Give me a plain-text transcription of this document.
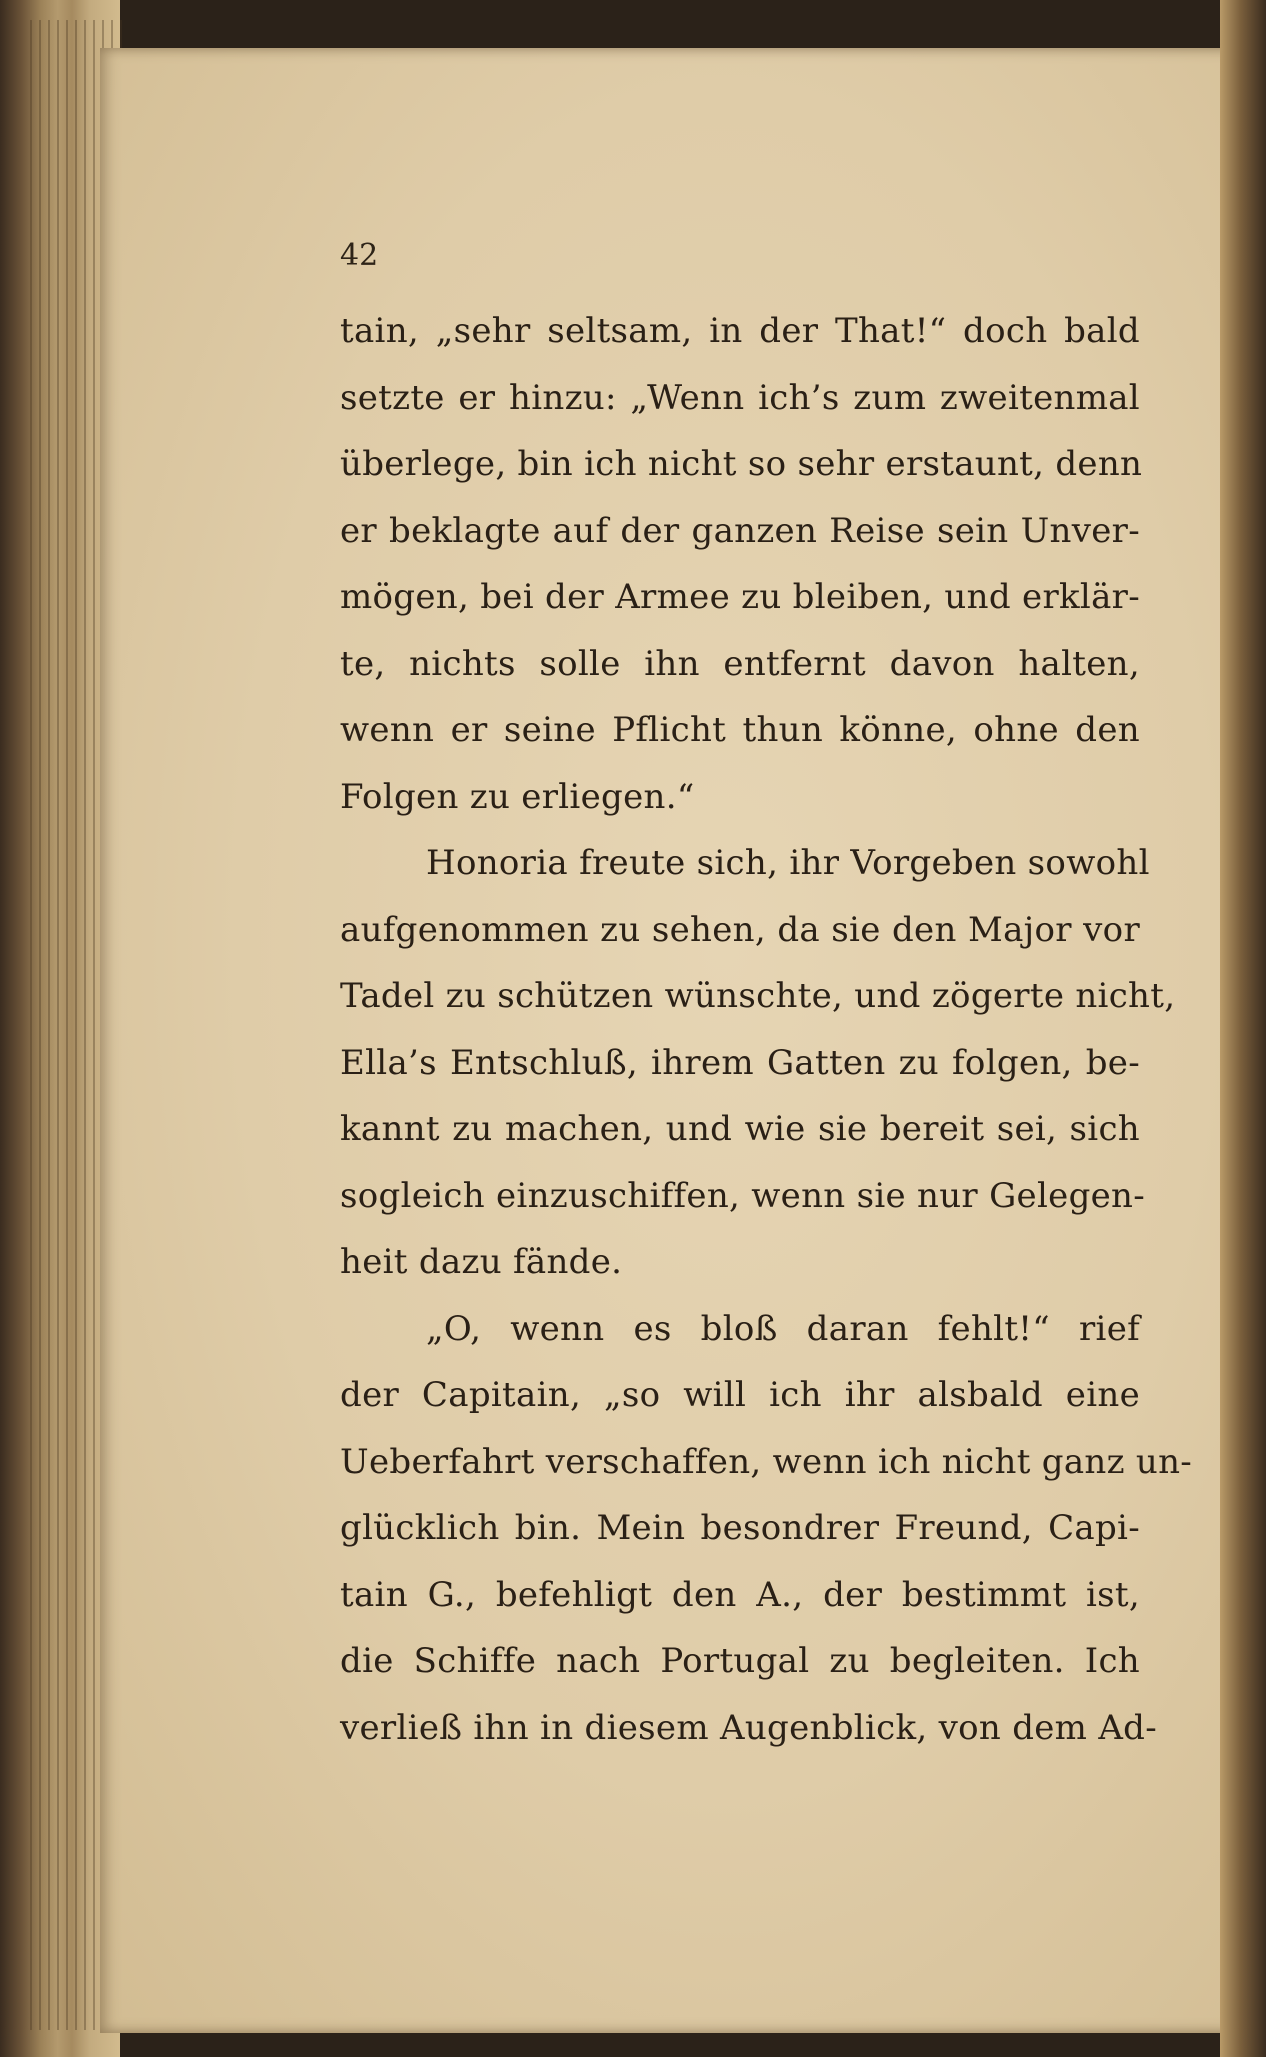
42
tain, „sehr seltsam, in der That!“ doch bald
setzte er hinzu: „Wenn ich’s zum zweitenmal
überlege, bin ich nicht so sehr erstaunt, denn
er beklagte auf der ganzen Reise sein Unver-
mögen, bei der Armee zu bleiben, und erklär-
te, nichts solle ihn entfernt davon halten,
wenn er seine Pflicht thun könne, ohne den
Folgen zu erliegen.“
Honoria freute sich, ihr Vorgeben sowohl
aufgenommen zu sehen, da sie den Major vor
Tadel zu schützen wünschte, und zögerte nicht,
Ella’s Entschluß, ihrem Gatten zu folgen, be-
kannt zu machen, und wie sie bereit sei, sich
sogleich einzuschiffen, wenn sie nur Gelegen-
heit dazu fände.
„O, wenn es bloß daran fehlt!“ rief
der Capitain, „so will ich ihr alsbald eine
Ueberfahrt verschaffen, wenn ich nicht ganz un-
glücklich bin. Mein besondrer Freund, Capi-
tain G., befehligt den A., der bestimmt ist,
die Schiffe nach Portugal zu begleiten. Ich
verließ ihn in diesem Augenblick, von dem Ad-
